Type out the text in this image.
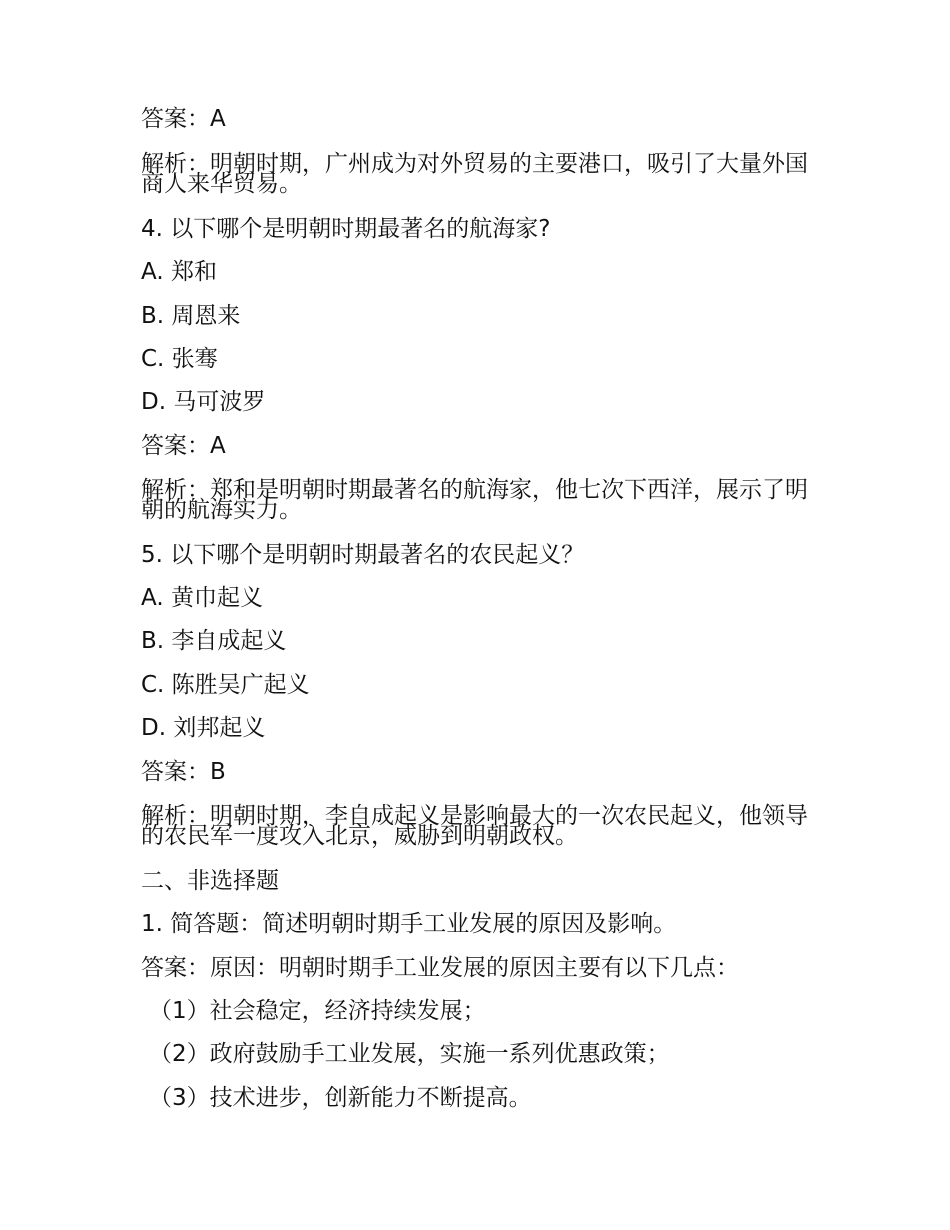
答案：A
解析：明朝时期，广州成为对外贸易的主要港口，吸引了大量外国商人来华贸易。
4. 以下哪个是明朝时期最著名的航海家?
A. 郑和
B. 周恩来
C. 张骞
D. 马可波罗
答案：A
解析：郑和是明朝时期最著名的航海家，他七次下西洋，展示了明朝的航海实力。
5. 以下哪个是明朝时期最著名的农民起义？
A. 黄巾起义
B. 李自成起义
C. 陈胜吴广起义
D. 刘邦起义
答案：B
解析：明朝时期，李自成起义是影响最大的一次农民起义，他领导的农民军一度攻入北京，威胁到明朝政权。
二、非选择题
1. 简答题：简述明朝时期手工业发展的原因及影响。
答案：原因：明朝时期手工业发展的原因主要有以下几点：
（1）社会稳定，经济持续发展；
（2）政府鼓励手工业发展，实施一系列优惠政策；
（3）技术进步，创新能力不断提高。
